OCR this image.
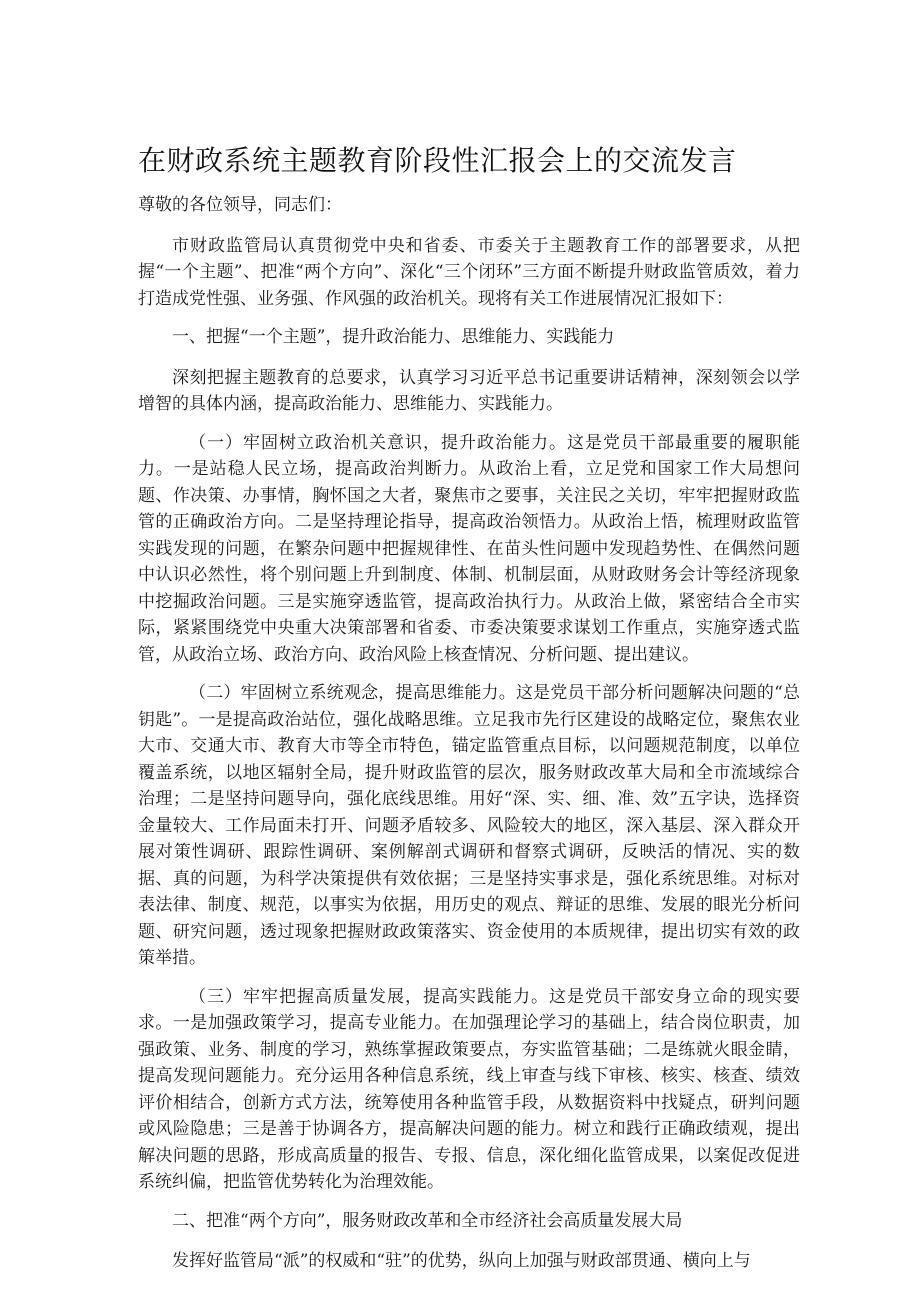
在财政系统主题教育阶段性汇报会上的交流发言

尊敬的各位领导，同志们：

市财政监管局认真贯彻党中央和省委、市委关于主题教育工作的部署要求，从把握“一个主题”、把准“两个方向”、深化“三个闭环”三方面不断提升财政监管质效，着力打造成党性强、业务强、作风强的政治机关。现将有关工作进展情况汇报如下：

一、把握“一个主题”，提升政治能力、思维能力、实践能力

深刻把握主题教育的总要求，认真学习习近平总书记重要讲话精神，深刻领会以学增智的具体内涵，提高政治能力、思维能力、实践能力。

（一）牢固树立政治机关意识，提升政治能力。这是党员干部最重要的履职能力。一是站稳人民立场，提高政治判断力。从政治上看，立足党和国家工作大局想问题、作决策、办事情，胸怀国之大者，聚焦市之要事，关注民之关切，牢牢把握财政监管的正确政治方向。二是坚持理论指导，提高政治领悟力。从政治上悟，梳理财政监管实践发现的问题，在繁杂问题中把握规律性、在苗头性问题中发现趋势性、在偶然问题中认识必然性，将个别问题上升到制度、体制、机制层面，从财政财务会计等经济现象中挖掘政治问题。三是实施穿透监管，提高政治执行力。从政治上做，紧密结合全市实际，紧紧围绕党中央重大决策部署和省委、市委决策要求谋划工作重点，实施穿透式监管，从政治立场、政治方向、政治风险上核查情况、分析问题、提出建议。

（二）牢固树立系统观念，提高思维能力。这是党员干部分析问题解决问题的“总钥匙”。一是提高政治站位，强化战略思维。立足我市先行区建设的战略定位，聚焦农业大市、交通大市、教育大市等全市特色，锚定监管重点目标，以问题规范制度，以单位覆盖系统，以地区辐射全局，提升财政监管的层次，服务财政改革大局和全市流域综合治理；二是坚持问题导向，强化底线思维。用好“深、实、细、准、效”五字诀，选择资金量较大、工作局面未打开、问题矛盾较多、风险较大的地区，深入基层、深入群众开展对策性调研、跟踪性调研、案例解剖式调研和督察式调研，反映活的情况、实的数据、真的问题，为科学决策提供有效依据；三是坚持实事求是，强化系统思维。对标对表法律、制度、规范，以事实为依据，用历史的观点、辩证的思维、发展的眼光分析问题、研究问题，透过现象把握财政政策落实、资金使用的本质规律，提出切实有效的政策举措。

（三）牢牢把握高质量发展，提高实践能力。这是党员干部安身立命的现实要求。一是加强政策学习，提高专业能力。在加强理论学习的基础上，结合岗位职责，加强政策、业务、制度的学习，熟练掌握政策要点，夯实监管基础；二是练就火眼金睛，提高发现问题能力。充分运用各种信息系统，线上审查与线下审核、核实、核查、绩效评价相结合，创新方式方法，统筹使用各种监管手段，从数据资料中找疑点，研判问题或风险隐患；三是善于协调各方，提高解决问题的能力。树立和践行正确政绩观，提出解决问题的思路，形成高质量的报告、专报、信息，深化细化监管成果，以案促改促进系统纠偏，把监管优势转化为治理效能。

二、把准“两个方向”，服务财政改革和全市经济社会高质量发展大局

发挥好监管局“派”的权威和“驻”的优势，纵向上加强与财政部贯通、横向上与
